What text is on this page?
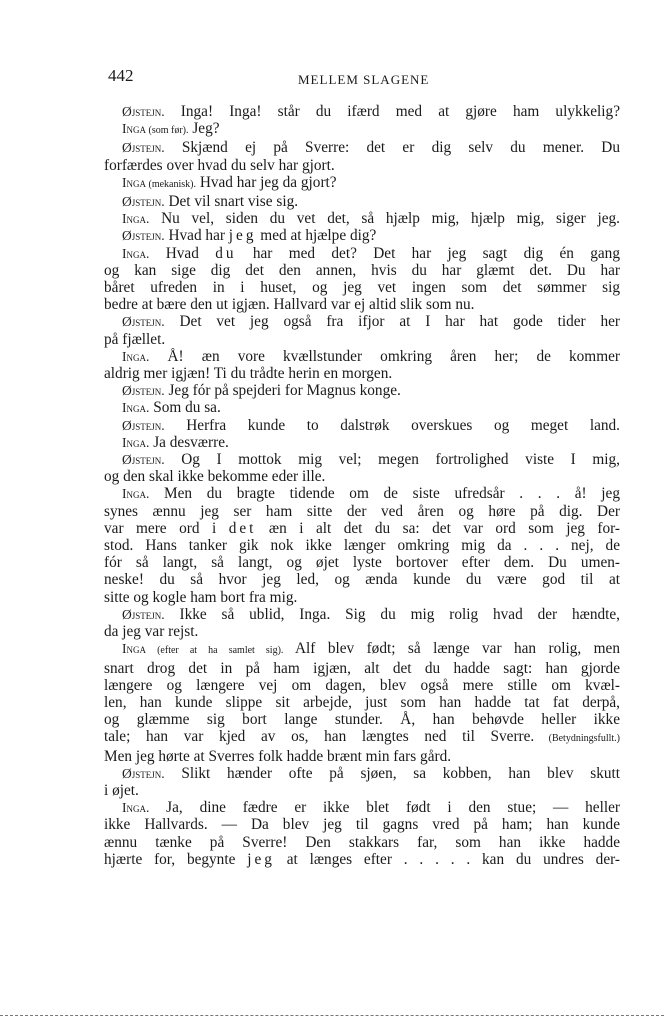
442	MELLEM SLAGENE
Øjstejn. Inga! Inga! står du ifærd med at gjøre ham ulykkelig?
Inga (som før). Jeg?
Øjstejn. Skjænd ej på Sverre: det er dig selv du mener. Du
forfærdes over hvad du selv har gjort.
Inga (mekanisk). Hvad har jeg da gjort?
Øjstejn. Det vil snart vise sig.
Inga. Nu vel, siden du vet det, så hjælp mig, hjælp mig, siger jeg.
Øjstejn. Hvad har jeg med at hjælpe dig?
Inga. Hvad du har med det? Det har jeg sagt dig én gang
og kan sige dig det den annen, hvis du har glæmt det. Du har
båret ufreden in i huset, og jeg vet ingen som det sømmer sig
bedre at bære den ut igjæn. Hallvard var ej altid slik som nu.
Øjstejn. Det vet jeg også fra ifjor at I har hat gode tider her
på fjællet.
Inga. Å! æn vore kvællstunder omkring åren her; de kommer
aldrig mer igjæn! Ti du trådte herin en morgen.
Øjstejn. Jeg fór på spejderi for Magnus konge.
Inga. Som du sa.
Øjstejn. Herfra kunde to dalstrøk overskues og meget land.
Inga. Ja desværre.
Øjstejn. Og I mottok mig vel; megen fortrolighed viste I mig,
og den skal ikke bekomme eder ille.
Inga. Men du bragte tidende om de siste ufredsår . . . å! jeg
synes ænnu jeg ser ham sitte der ved åren og høre på dig. Der
var mere ord i det æn i alt det du sa: det var ord som jeg for-
stod. Hans tanker gik nok ikke længer omkring mig da . . . nej, de
fór så langt, så langt, og øjet lyste bortover efter dem. Du umen-
neske! du så hvor jeg led, og ænda kunde du være god til at
sitte og kogle ham bort fra mig.
Øjstejn. Ikke så ublid, Inga. Sig du mig rolig hvad der hændte,
da jeg var rejst.
Inga (efter at ha samlet sig). Alf blev født; så længe var han rolig, men
snart drog det in på ham igjæn, alt det du hadde sagt: han gjorde
længere og længere vej om dagen, blev også mere stille om kvæl-
len, han kunde slippe sit arbejde, just som han hadde tat fat derpå,
og glæmme sig bort lange stunder. Å, han behøvde heller ikke
tale; han var kjed av os, han længtes ned til Sverre. (Betydningsfullt.)
Men jeg hørte at Sverres folk hadde brænt min fars gård.
Øjstejn. Slikt hænder ofte på sjøen, sa kobben, han blev skutt
i øjet.
Inga. Ja, dine fædre er ikke blet født i den stue; — heller
ikke Hallvards. — Da blev jeg til gagns vred på ham; han kunde
ænnu tænke på Sverre! Den stakkars far, som han ikke hadde
hjærte for, begynte jeg at længes efter . . . . . kan du undres der-
